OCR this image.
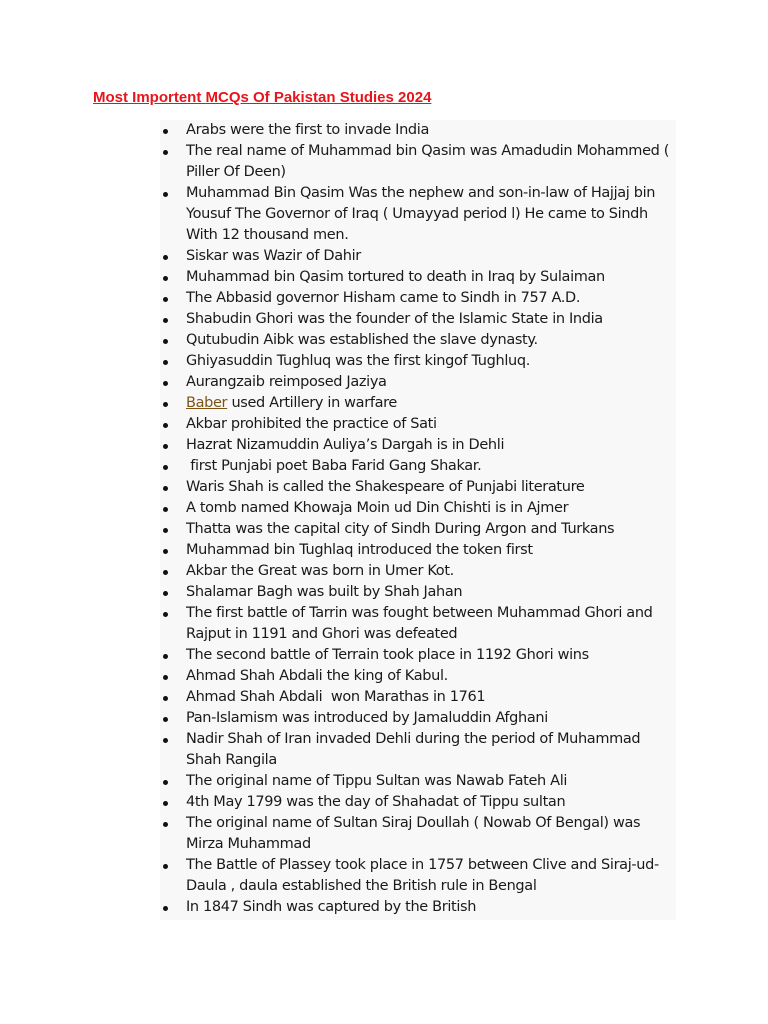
Most Importent MCQs Of Pakistan Studies 2024
Arabs were the first to invade India
The real name of Muhammad bin Qasim was Amadudin Mohammed ( Piller Of Deen)
Muhammad Bin Qasim Was the nephew and son-in-law of Hajjaj bin Yousuf The Governor of Iraq ( Umayyad period l) He came to Sindh With 12 thousand men.
Siskar was Wazir of Dahir
Muhammad bin Qasim tortured to death in Iraq by Sulaiman
The Abbasid governor Hisham came to Sindh in 757 A.D.
Shabudin Ghori was the founder of the Islamic State in India
Qutubudin Aibk was established the slave dynasty.
Ghiyasuddin Tughluq was the first kingof Tughluq.
Aurangzaib reimposed Jaziya
Baber used Artillery in warfare
Akbar prohibited the practice of Sati
Hazrat Nizamuddin Auliya’s Dargah is in Dehli
first Punjabi poet Baba Farid Gang Shakar.
Waris Shah is called the Shakespeare of Punjabi literature
A tomb named Khowaja Moin ud Din Chishti is in Ajmer
Thatta was the capital city of Sindh During Argon and Turkans
Muhammad bin Tughlaq introduced the token first
Akbar the Great was born in Umer Kot.
Shalamar Bagh was built by Shah Jahan
The first battle of Tarrin was fought between Muhammad Ghori and Rajput in 1191 and Ghori was defeated
The second battle of Terrain took place in 1192 Ghori wins
Ahmad Shah Abdali the king of Kabul.
Ahmad Shah Abdali  won Marathas in 1761
Pan-Islamism was introduced by Jamaluddin Afghani
Nadir Shah of Iran invaded Dehli during the period of Muhammad Shah Rangila
The original name of Tippu Sultan was Nawab Fateh Ali
4th May 1799 was the day of Shahadat of Tippu sultan
The original name of Sultan Siraj Doullah ( Nowab Of Bengal) was Mirza Muhammad
The Battle of Plassey took place in 1757 between Clive and Siraj-ud- Daula , daula established the British rule in Bengal
In 1847 Sindh was captured by the British
